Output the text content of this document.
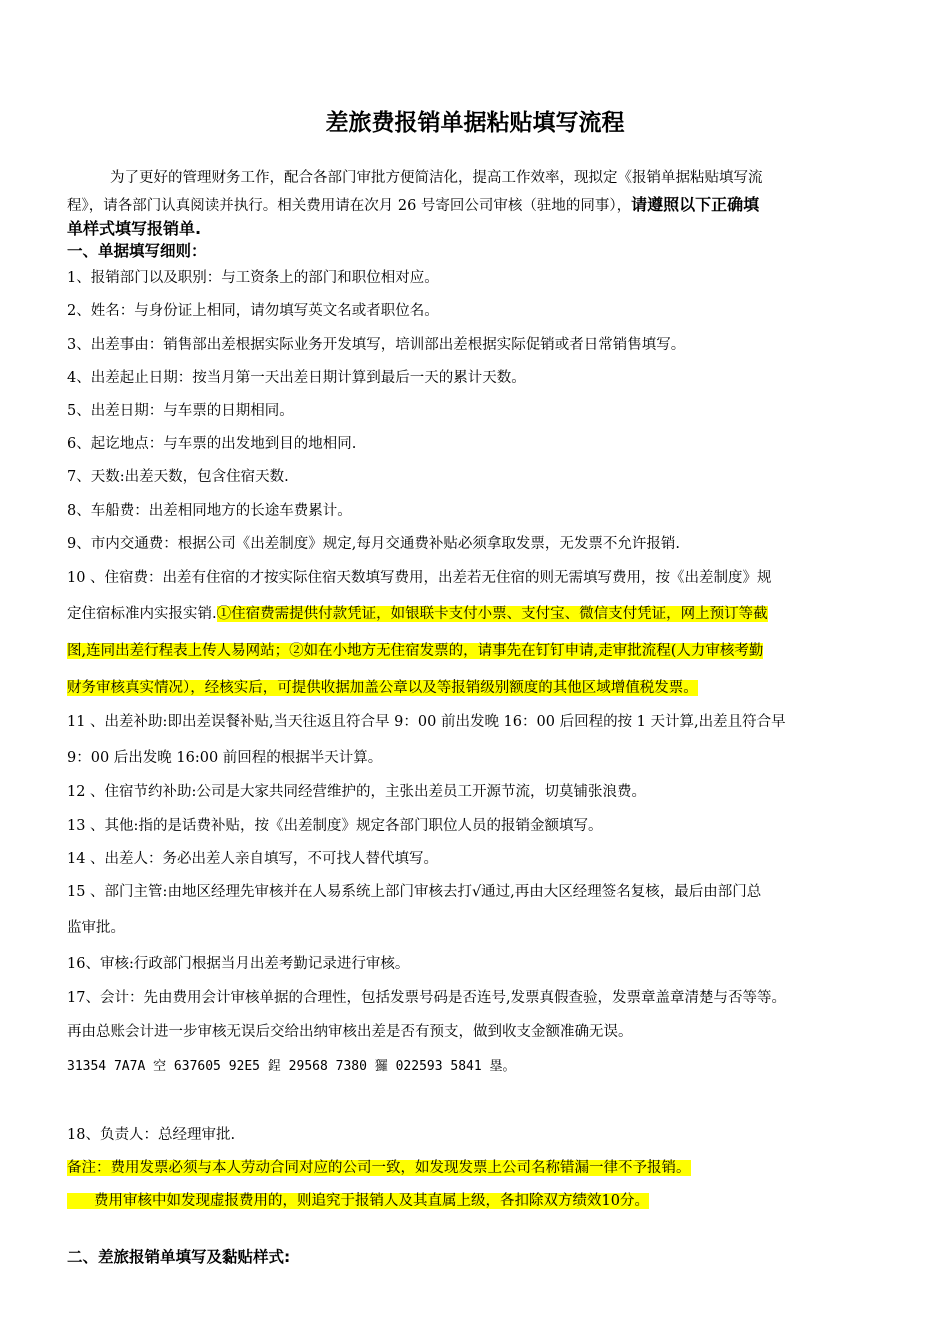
差旅费报销单据粘贴填写流程
为了更好的管理财务工作，配合各部门审批方便简洁化，提高工作效率，现拟定《报销单据粘贴填写流
程》，请各部门认真阅读并执行。相关费用请在次月 26 号寄回公司审核（驻地的同事），请遵照以下正确填
单样式填写报销单.
一、单据填写细则：
1、报销部门以及职别：与工资条上的部门和职位相对应。
2、姓名：与身份证上相同，请勿填写英文名或者职位名。
3、出差事由：销售部出差根据实际业务开发填写，培训部出差根据实际促销或者日常销售填写。
4、出差起止日期：按当月第一天出差日期计算到最后一天的累计天数。
5、出差日期：与车票的日期相同。
6、起讫地点：与车票的出发地到目的地相同.
7、天数:出差天数，包含住宿天数.
8、车船费：出差相同地方的长途车费累计。
9、市内交通费：根据公司《出差制度》规定,每月交通费补贴必须拿取发票，无发票不允许报销.
10 、住宿费：出差有住宿的才按实际住宿天数填写费用，出差若无住宿的则无需填写费用，按《出差制度》规
定住宿标准内实报实销.①住宿费需提供付款凭证，如银联卡支付小票、支付宝、微信支付凭证，网上预订等截
图,连同出差行程表上传人易网站；②如在小地方无住宿发票的，请事先在钉钉申请,走审批流程(人力审核考勤
财务审核真实情况），经核实后，可提供收据加盖公章以及等报销级别额度的其他区域增值税发票。
11 、出差补助:即出差误餐补贴,当天往返且符合早 9：00 前出发晚 16：00 后回程的按 1 天计算,出差且符合早
9：00 后出发晚 16:00 前回程的根据半天计算。
12 、住宿节约补助:公司是大家共同经营维护的，主张出差员工开源节流，切莫铺张浪费。
13 、其他:指的是话费补贴，按《出差制度》规定各部门职位人员的报销金额填写。
14 、出差人：务必出差人亲自填写，不可找人替代填写。
15 、部门主管:由地区经理先审核并在人易系统上部门审核去打√通过,再由大区经理签名复核，最后由部门总
监审批。
16、审核:行政部门根据当月出差考勤记录进行审核。
17、会计：先由费用会计审核单据的合理性，包括发票号码是否连号,发票真假查验，发票章盖章清楚与否等等。
再由总账会计进一步审核无误后交给出纳审核出差是否有预支，做到收支金额准确无误。
31354 7A7A 空 637605 92E5 鋥 29568 7380 玀 022593 5841 塁。
18、负责人：总经理审批.
备注：费用发票必须与本人劳动合同对应的公司一致，如发现发票上公司名称错漏一律不予报销。
费用审核中如发现虚报费用的，则追究于报销人及其直属上级，各扣除双方绩效10分。
二、差旅报销单填写及黏贴样式:
